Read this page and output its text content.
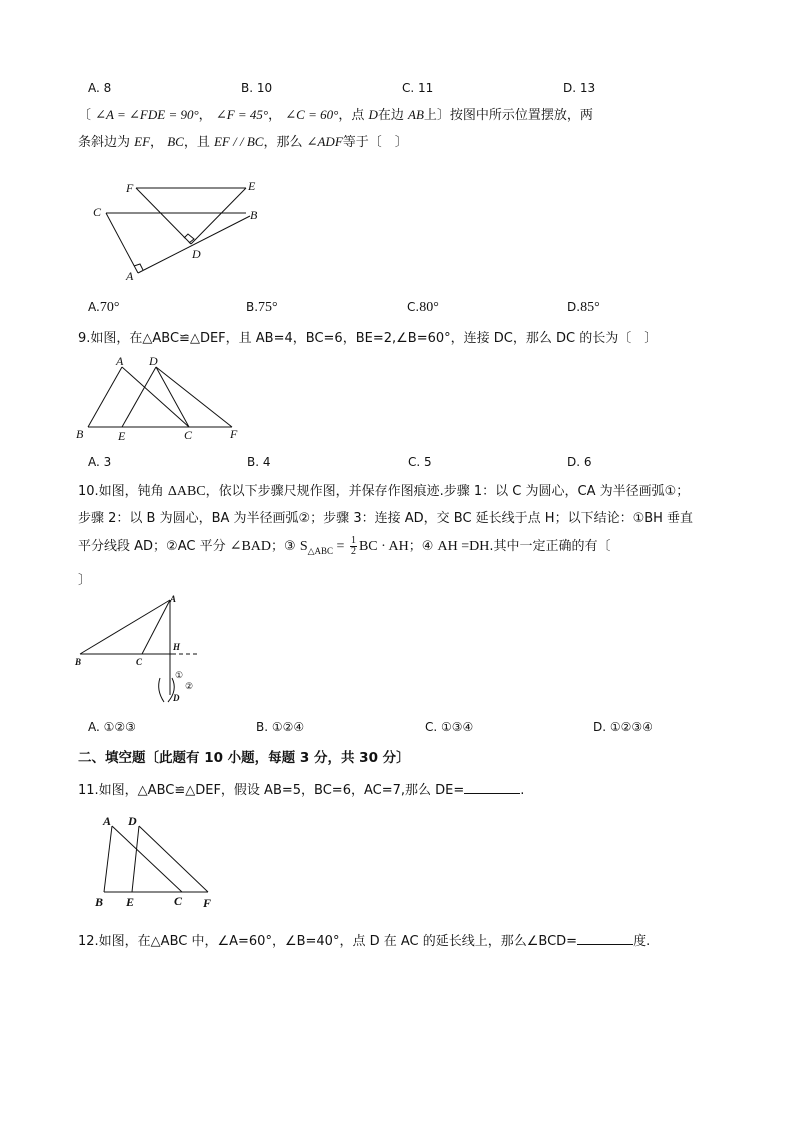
A. 8	B. 10	C. 11	D. 13
〔 ∠A = ∠FDE = 90°， ∠F = 45°， ∠C = 60°，点 D在边 AB上〕按图中所示位置摆放，两
条斜边为 EF， BC，且 EF / / BC，那么 ∠ADF等于〔　〕
F	E
C	B
D
A
A.70°	B.75°	C.80°	D.85°
9.如图，在△ABC≌△DEF，且 AB=4，BC=6，BE=2,∠B=60°，连接 DC，那么 DC 的长为〔　〕
A D
B	E	C	F
A. 3	B. 4	C. 5	D. 6
10.如图，钝角 ΔABC，依以下步骤尺规作图，并保存作图痕迹.步骤 1：以 C 为圆心，CA 为半径画弧①；
步骤 2：以 B 为圆心，BA 为半径画弧②；步骤 3：连接 AD，交 BC 延长线于点 H；以下结论：①BH 垂直
平分线段 AD；②AC 平分 ∠BAD；③ $S_{\triangle ABC} = \frac{1}{2}$ BC · AH；④ AH =DH.其中一定正确的有〔
〕
A
H
B	C
D
①
②
A. ①②③	B. ①②④	C. ①③④	D. ①②③④
二、填空题〔此题有 10 小题，每题 3 分，共 30 分〕
11.如图，△ABC≌△DEF，假设 AB=5，BC=6，AC=7,那么 DE=	.
A D
B E	C F
12.如图，在△ABC 中，∠A=60°，∠B=40°，点 D 在 AC 的延长线上，那么∠BCD=	度.
